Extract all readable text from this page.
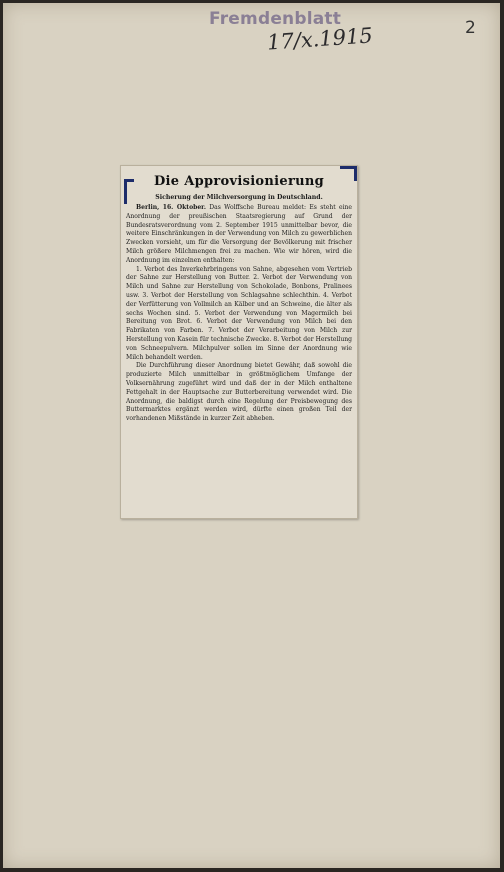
Fremdenblatt
17/x.1915	2
Die Approvisionierung
Sicherung der Milchversorgung in Deutschland.

Berlin, 16. Oktober. Das Wolffsche Bureau meldet: Es steht eine Anordnung der preußischen Staatsregierung auf Grund der Bundesratsverordnung vom 2. September 1915 unmittelbar bevor, die weitere Einschränkungen in der Verwendung von Milch zu gewerblichen Zwecken vorsieht, um für die Versorgung der Bevölkerung mit frischer Milch größere Milchmengen frei zu machen. Wie wir hören, wird die Anordnung im einzelnen enthalten:

1. Verbot des Inverkehrbringens von Sahne, abgesehen vom Vertrieb der Sahne zur Herstellung von Butter. 2. Verbot der Verwendung von Milch und Sahne zur Herstellung von Schokolade, Bonbons, Pralinees usw. 3. Verbot der Herstellung von Schlagsahne schlechthin. 4. Verbot der Verfütterung von Vollmilch an Kälber und an Schweine, die älter als sechs Wochen sind. 5. Verbot der Verwendung von Magermilch bei Bereitung von Brot. 6. Verbot der Verwendung von Milch bei den Fabrikaten von Farben. 7. Verbot der Verarbeitung von Milch zur Herstellung von Kasein für technische Zwecke. 8. Verbot der Herstellung von Schneepulvern. Milchpulver sollen im Sinne der Anordnung wie Milch behandelt werden.

Die Durchführung dieser Anordnung bietet Gewähr, daß sowohl die produzierte Milch unmittelbar in größtmöglichem Umfange der Volksernährung zugeführt wird und daß der in der Milch enthaltene Fettgehalt in der Hauptsache zur Butterbereitung verwendet wird. Die Anordnung, die baldigst durch eine Regelung der Preisbewegung des Buttermarktes ergänzt werden wird, dürfte einen großen Teil der vorhandenen Mißstände in kurzer Zeit abheben.
